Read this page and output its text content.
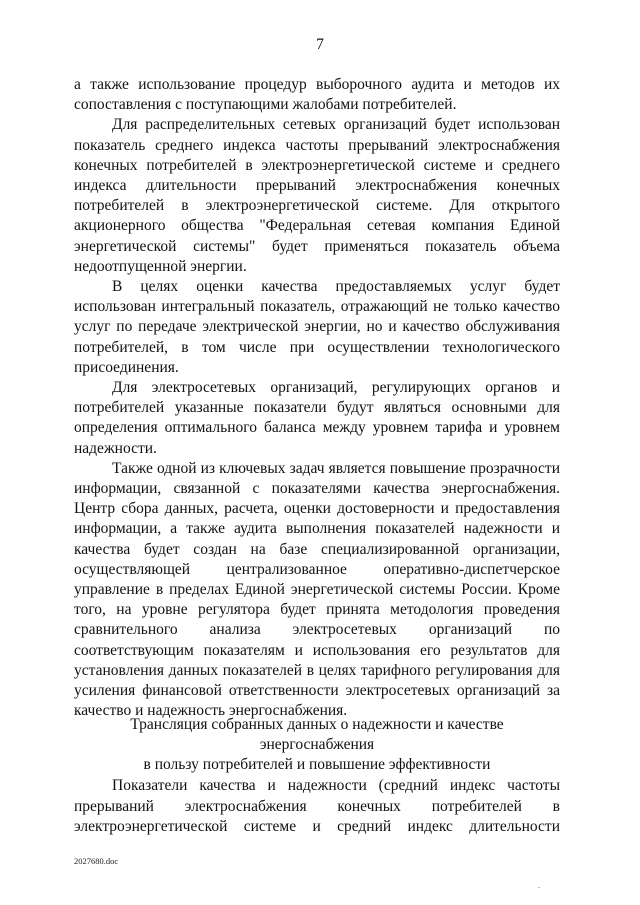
7

а также использование процедур выборочного аудита и методов их сопоставления с поступающими жалобами потребителей.

Для распределительных сетевых организаций будет использован показатель среднего индекса частоты прерываний электроснабжения конечных потребителей в электроэнергетической системе и среднего индекса длительности прерываний электроснабжения конечных потребителей в электроэнергетической системе. Для открытого акционерного общества "Федеральная сетевая компания Единой энергетической системы" будет применяться показатель объема недоотпущенной энергии.

В целях оценки качества предоставляемых услуг будет использован интегральный показатель, отражающий не только качество услуг по передаче электрической энергии, но и качество обслуживания потребителей, в том числе при осуществлении технологического присоединения.

Для электросетевых организаций, регулирующих органов и потребителей указанные показатели будут являться основными для определения оптимального баланса между уровнем тарифа и уровнем надежности.

Также одной из ключевых задач является повышение прозрачности информации, связанной с показателями качества энергоснабжения. Центр сбора данных, расчета, оценки достоверности и предоставления информации, а также аудита выполнения показателей надежности и качества будет создан на базе специализированной организации, осуществляющей централизованное оперативно-диспетчерское управление в пределах Единой энергетической системы России. Кроме того, на уровне регулятора будет принята методология проведения сравнительного анализа электросетевых организаций по соответствующим показателям и использования его результатов для установления данных показателей в целях тарифного регулирования для усиления финансовой ответственности электросетевых организаций за качество и надежность энергоснабжения.

Трансляция собранных данных о надежности и качестве энергоснабжения
в пользу потребителей и повышение эффективности

Показатели качества и надежности (средний индекс частоты прерываний электроснабжения конечных потребителей в электроэнергетической системе и средний индекс длительности

2027680.doc
.
